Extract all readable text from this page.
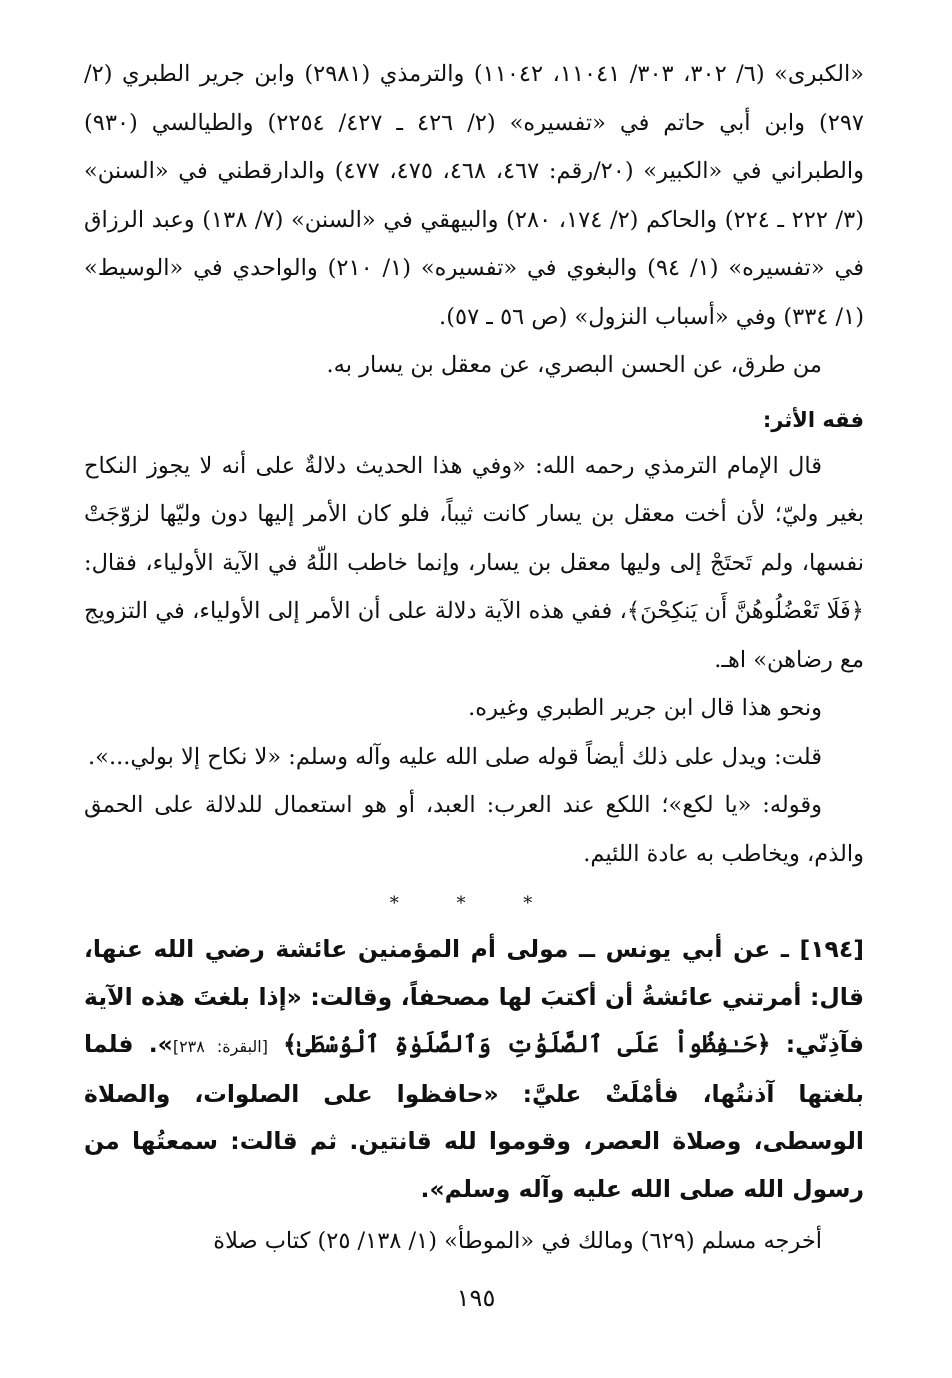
«الكبرى» (٦/ ٣٠٢، ٣٠٣/ ١١٠٤١، ١١٠٤٢) والترمذي (٢٩٨١) وابن جرير الطبري (٢/ ٢٩٧) وابن أبي حاتم في «تفسيره» (٢/ ٤٢٦ ـ ٤٢٧/ ٢٢٥٤) والطيالسي (٩٣٠) والطبراني في «الكبير» (٢٠/رقم: ٤٦٧، ٤٦٨، ٤٧٥، ٤٧٧) والدارقطني في «السنن» (٣/ ٢٢٢ ـ ٢٢٤) والحاكم (٢/ ١٧٤، ٢٨٠) والبيهقي في «السنن» (٧/ ١٣٨) وعبد الرزاق في «تفسيره» (١/ ٩٤) والبغوي في «تفسيره» (١/ ٢١٠) والواحدي في «الوسيط» (١/ ٣٣٤) وفي «أسباب النزول» (ص ٥٦ ـ ٥٧).

من طرق، عن الحسن البصري، عن معقل بن يسار به.

فقه الأثر:

قال الإمام الترمذي رحمه الله: «وفي هذا الحديث دلالةٌ على أنه لا يجوز النكاح بغير وليّ؛ لأن أخت معقل بن يسار كانت ثيباً، فلو كان الأمر إليها دون وليّها لزوّجَتْ نفسها، ولم تَحتَجْ إلى وليها معقل بن يسار، وإنما خاطب اللّهُ في الآية الأولياء، فقال: ﴿فَلَا تَعْضُلُوهُنَّ أَن يَنكِحْنَ﴾، ففي هذه الآية دلالة على أن الأمر إلى الأولياء، في التزويج مع رضاهن» اهـ.

ونحو هذا قال ابن جرير الطبري وغيره.

قلت: ويدل على ذلك أيضاً قوله صلى الله عليه وآله وسلم: «لا نكاح إلا بولي...».

وقوله: «يا لكع»؛ اللكع عند العرب: العبد، أو هو استعمال للدلالة على الحمق والذم، ويخاطب به عادة اللئيم.

* * *

[١٩٤] ـ عن أبي يونس ــ مولى أم المؤمنين عائشة رضي الله عنها، قال: أمرتني عائشةُ أن أكتبَ لها مصحفاً، وقالت: «إذا بلغتَ هذه الآية فآذِنّي: ﴿حَـٰفِظُواْ عَلَى ٱلصَّلَوَٰتِ وَٱلصَّلَوٰةِ ٱلْوُسْطَىٰ﴾ [البقرة: ٢٣٨]». فلما بلغتها آذنتُها، فأمْلَتْ عليَّ: «حافظوا على الصلوات، والصلاة الوسطى، وصلاة العصر، وقوموا لله قانتين. ثم قالت: سمعتُها من رسول الله صلى الله عليه وآله وسلم».

أخرجه مسلم (٦٢٩) ومالك في «الموطأ» (١/ ١٣٨/ ٢٥) كتاب صلاة

١٩٥
